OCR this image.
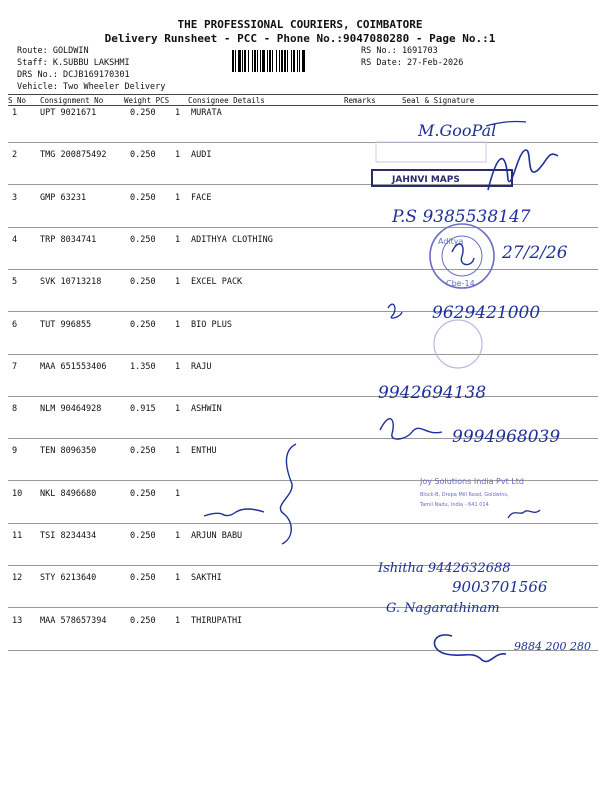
THE PROFESSIONAL COURIERS, COIMBATORE
Delivery Runsheet - PCC - Phone No.:9047080280 - Page No.:1
Route: GOLDWIN
Staff: K.SUBBU LAKSHMI
DRS No.: DCJB169170301
Vehicle: Two Wheeler Delivery
RS No.: 1691703
RS Date: 27-Feb-2026
S No Consignment No	Weight PCS	Consignee Details	Remarks	Seal & Signature
1	UPT 9021671	0.250 1 MURATA
2	TMG 200875492	0.250 1 AUDI
3	GMP 63231	0.250 1 FACE
4	TRP 8034741	0.250 1 ADITHYA CLOTHING
5	SVK 10713218	0.250 1 EXCEL PACK
6	TUT 996855	0.250 1 BIO PLUS
7	MAA 651553406	1.350 1 RAJU
8	NLM 90464928	0.915 1 ASHWIN
9	TEN 8096350	0.250 1 ENTHU
10 NKL 8496680	0.250 1
11 TSI 8234434	0.250 1 ARJUN BABU
12 STY 6213640	0.250 1 SAKTHI
13 MAA 578657394	0.250 1 THIRUPATHI
M.GooPal
JAHNVI MAPS
P.S 9385538147
Aditya
Cbe-14
27/2/26
9629421000
9942694138
9994968039
Joy Solutions India Pvt Ltd
Block-B, Drepa Mill Road, Goldwins,
Tamil Nadu, India - 641 014
Ishitha 9442632688
9003701566
G. Nagarathinam
9884 200 280
